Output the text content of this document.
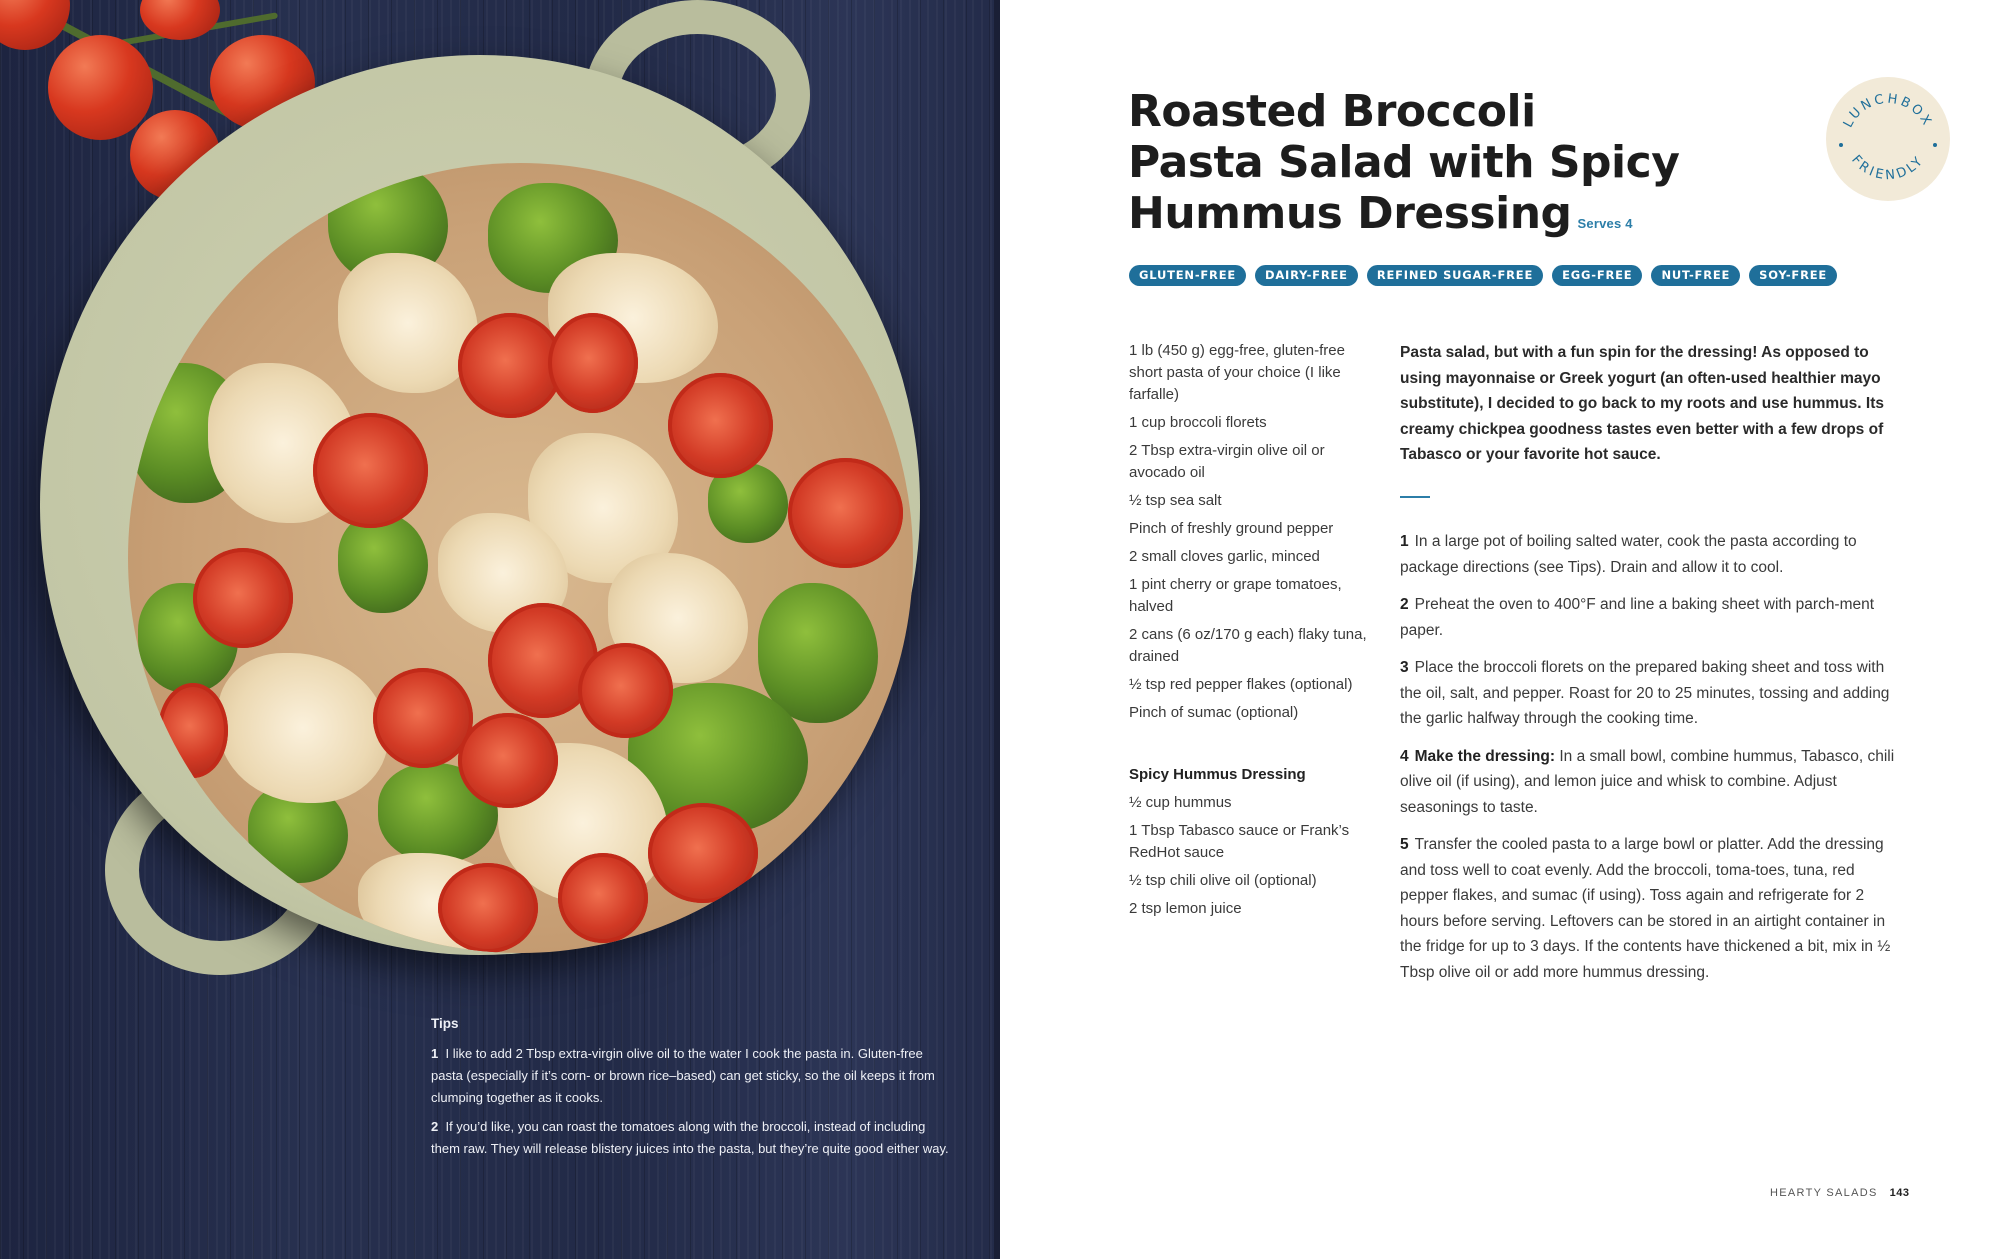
Tips

1 I like to add 2 Tbsp extra-virgin olive oil to the water I cook the pasta in. Gluten-free pasta (especially if it’s corn- or brown rice–based) can get sticky, so the oil keeps it from clumping together as it cooks.

2 If you’d like, you can roast the tomatoes along with the broccoli, instead of including them raw. They will release blistery juices into the pasta, but they’re quite good either way.

Roasted Broccoli
Pasta Salad with Spicy
Hummus Dressing Serves 4
LUNCHBOX
FRIENDLY
GLUTEN-FREE	DAIRY-FREE	REFINED SUGAR-FREE	EGG-FREE	NUT-FREE	SOY-FREE

1 lb (450 g) egg-free, gluten-free short pasta of your choice (I like farfalle)

1 cup broccoli florets

2 Tbsp extra-virgin olive oil or avocado oil

½ tsp sea salt

Pinch of freshly ground pepper

2 small cloves garlic, minced

1 pint cherry or grape tomatoes, halved

2 cans (6 oz/170 g each) flaky tuna, drained

½ tsp red pepper flakes (optional)

Pinch of sumac (optional)

Spicy Hummus Dressing

½ cup hummus

1 Tbsp Tabasco sauce or Frank’s RedHot sauce

½ tsp chili olive oil (optional)

2 tsp lemon juice

Pasta salad, but with a fun spin for the dressing! As opposed to using mayonnaise or Greek yogurt (an often-used healthier mayo substitute), I decided to go back to my roots and use hummus. Its creamy chickpea goodness tastes even better with a few drops of Tabasco or your favorite hot sauce.

1 In a large pot of boiling salted water, cook the pasta according to package directions (see Tips). Drain and allow it to cool.

2 Preheat the oven to 400°F and line a baking sheet with parch-ment paper.

3 Place the broccoli florets on the prepared baking sheet and toss with the oil, salt, and pepper. Roast for 20 to 25 minutes, tossing and adding the garlic halfway through the cooking time.

4 Make the dressing: In a small bowl, combine hummus, Tabasco, chili olive oil (if using), and lemon juice and whisk to combine. Adjust seasonings to taste.

5 Transfer the cooled pasta to a large bowl or platter. Add the dressing and toss well to coat evenly. Add the broccoli, toma-toes, tuna, red pepper flakes, and sumac (if using). Toss again and refrigerate for 2 hours before serving. Leftovers can be stored in an airtight container in the fridge for up to 3 days. If the contents have thickened a bit, mix in ½ Tbsp olive oil or add more hummus dressing.

HEARTY SALADS 143
